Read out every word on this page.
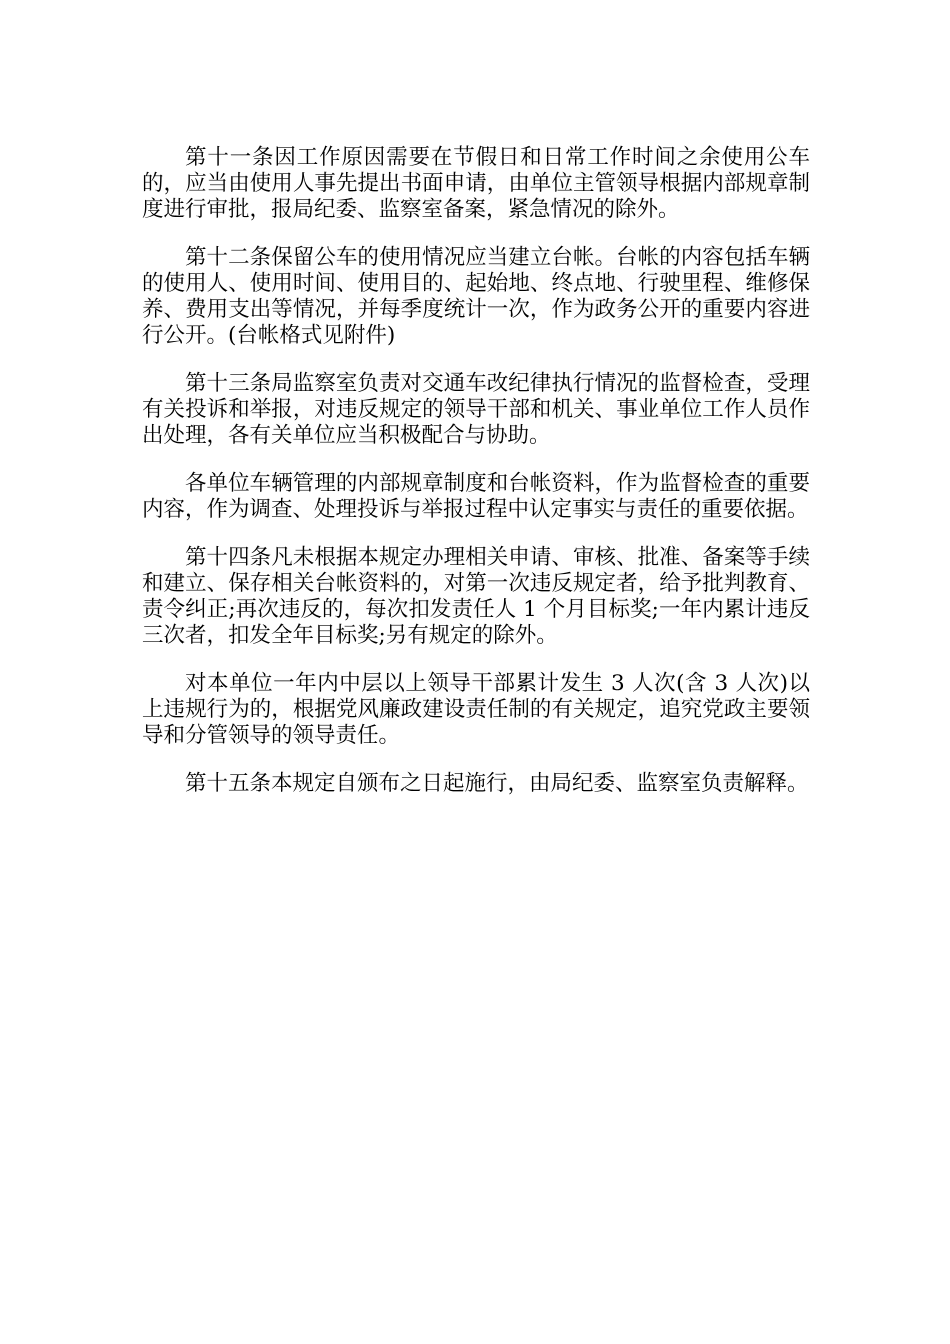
第十一条因工作原因需要在节假日和日常工作时间之余使用公车的，应当由使用人事先提出书面申请，由单位主管领导根据内部规章制度进行审批，报局纪委、监察室备案，紧急情况的除外。

第十二条保留公车的使用情况应当建立台帐。台帐的内容包括车辆的使用人、使用时间、使用目的、起始地、终点地、行驶里程、维修保养、费用支出等情况，并每季度统计一次，作为政务公开的重要内容进行公开。(台帐格式见附件)

第十三条局监察室负责对交通车改纪律执行情况的监督检查，受理有关投诉和举报，对违反规定的领导干部和机关、事业单位工作人员作出处理，各有关单位应当积极配合与协助。

各单位车辆管理的内部规章制度和台帐资料，作为监督检查的重要内容，作为调查、处理投诉与举报过程中认定事实与责任的重要依据。

第十四条凡未根据本规定办理相关申请、审核、批准、备案等手续和建立、保存相关台帐资料的，对第一次违反规定者，给予批判教育、责令纠正;再次违反的，每次扣发责任人 1 个月目标奖;一年内累计违反三次者，扣发全年目标奖;另有规定的除外。

对本单位一年内中层以上领导干部累计发生 3 人次(含 3 人次)以上违规行为的，根据党风廉政建设责任制的有关规定，追究党政主要领导和分管领导的领导责任。

第十五条本规定自颁布之日起施行，由局纪委、监察室负责解释。
